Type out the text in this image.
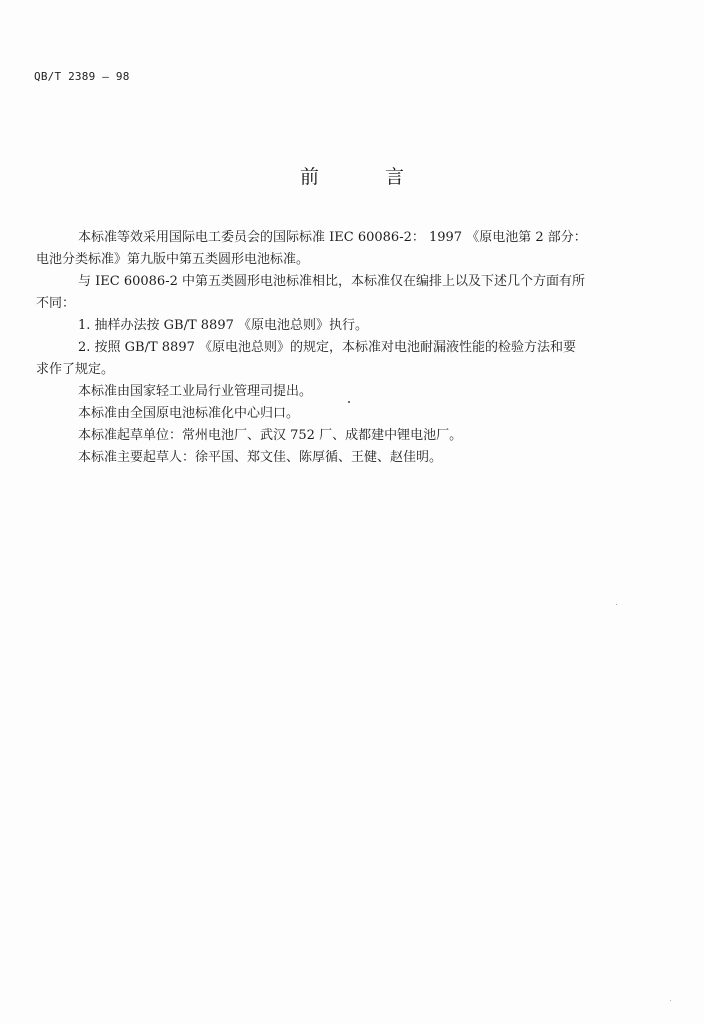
QB/T 2389 — 98
前 言

本标准等效采用国际电工委员会的国际标准 IEC 60086-2： 1997 《原电池第 2 部分：
电池分类标准》第九版中第五类圆形电池标准。

与 IEC 60086-2 中第五类圆形电池标准相比，本标准仅在编排上以及下述几个方面有所
不同：

1. 抽样办法按 GB/T 8897 《原电池总则》执行。

2. 按照 GB/T 8897 《原电池总则》的规定，本标准对电池耐漏液性能的检验方法和要
求作了规定。

本标准由国家轻工业局行业管理司提出。

本标准由全国原电池标准化中心归口。

本标准起草单位：常州电池厂、武汉 752 厂、成都建中锂电池厂。

本标准主要起草人：徐平国、郑文佳、陈厚循、王健、赵佳明。
